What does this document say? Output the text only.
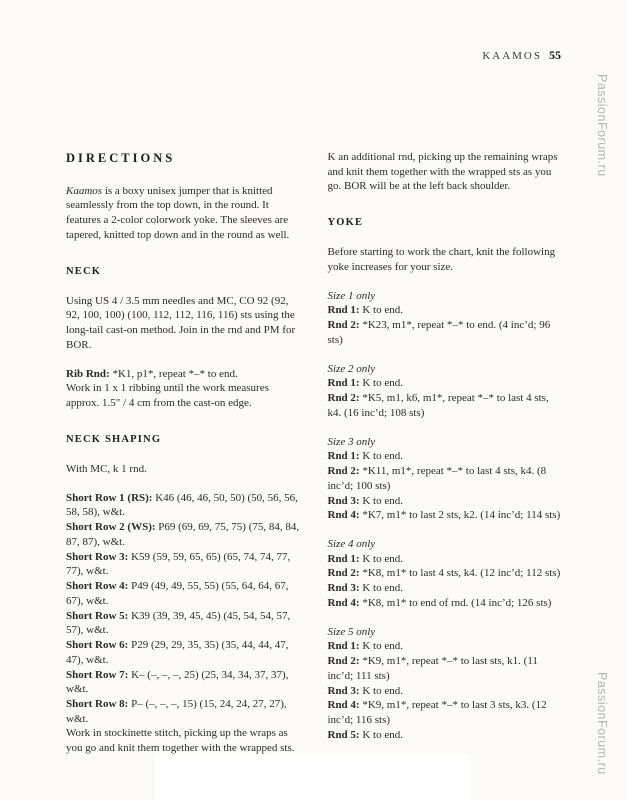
KAAMOS 55
PassionForum.ru
PassionForum.ru
DIRECTIONS

Kaamos is a boxy unisex jumper that is knitted seamlessly from the top down, in the round. It features a 2-color colorwork yoke. The sleeves are tapered, knitted top down and in the round as well.

NECK

Using US 4 / 3.5 mm needles and MC, CO 92 (92, 92, 100, 100) (100, 112, 112, 116, 116) sts using the long-tail cast-on method. Join in the rnd and PM for BOR.

Rib Rnd: *K1, p1*, repeat *–* to end.

Work in 1 x 1 ribbing until the work measures approx. 1.5" / 4 cm from the cast-on edge.

NECK SHAPING

With MC, k 1 rnd.

Short Row 1 (RS): K46 (46, 46, 50, 50) (50, 56, 56, 58, 58), w&t.

Short Row 2 (WS): P69 (69, 69, 75, 75) (75, 84, 84, 87, 87), w&t.

Short Row 3: K59 (59, 59, 65, 65) (65, 74, 74, 77, 77), w&t.

Short Row 4: P49 (49, 49, 55, 55) (55, 64, 64, 67, 67), w&t.

Short Row 5: K39 (39, 39, 45, 45) (45, 54, 54, 57, 57), w&t.

Short Row 6: P29 (29, 29, 35, 35) (35, 44, 44, 47, 47), w&t.

Short Row 7: K– (–, –, –, 25) (25, 34, 34, 37, 37), w&t.

Short Row 8: P– (–, –, –, 15) (15, 24, 24, 27, 27), w&t.

Work in stockinette stitch, picking up the wraps as you go and knit them together with the wrapped sts.

K an additional rnd, picking up the remaining wraps and knit them together with the wrapped sts as you go. BOR will be at the left back shoulder.

YOKE

Before starting to work the chart, knit the following yoke increases for your size.

Size 1 only

Rnd 1: K to end.

Rnd 2: *K23, m1*, repeat *–* to end. (4 inc’d; 96 sts)

Size 2 only

Rnd 1: K to end.

Rnd 2: *K5, m1, k6, m1*, repeat *–* to last 4 sts, k4. (16 inc’d; 108 sts)

Size 3 only

Rnd 1: K to end.

Rnd 2: *K11, m1*, repeat *–* to last 4 sts, k4. (8 inc’d; 100 sts)

Rnd 3: K to end.

Rnd 4: *K7, m1* to last 2 sts, k2. (14 inc’d; 114 sts)

Size 4 only

Rnd 1: K to end.

Rnd 2: *K8, m1* to last 4 sts, k4. (12 inc’d; 112 sts)

Rnd 3: K to end.

Rnd 4: *K8, m1* to end of rnd. (14 inc’d; 126 sts)

Size 5 only

Rnd 1: K to end.

Rnd 2: *K9, m1*, repeat *–* to last sts, k1. (11 inc’d; 111 sts)

Rnd 3: K to end.

Rnd 4: *K9, m1*, repeat *–* to last 3 sts, k3. (12 inc’d; 116 sts)

Rnd 5: K to end.
